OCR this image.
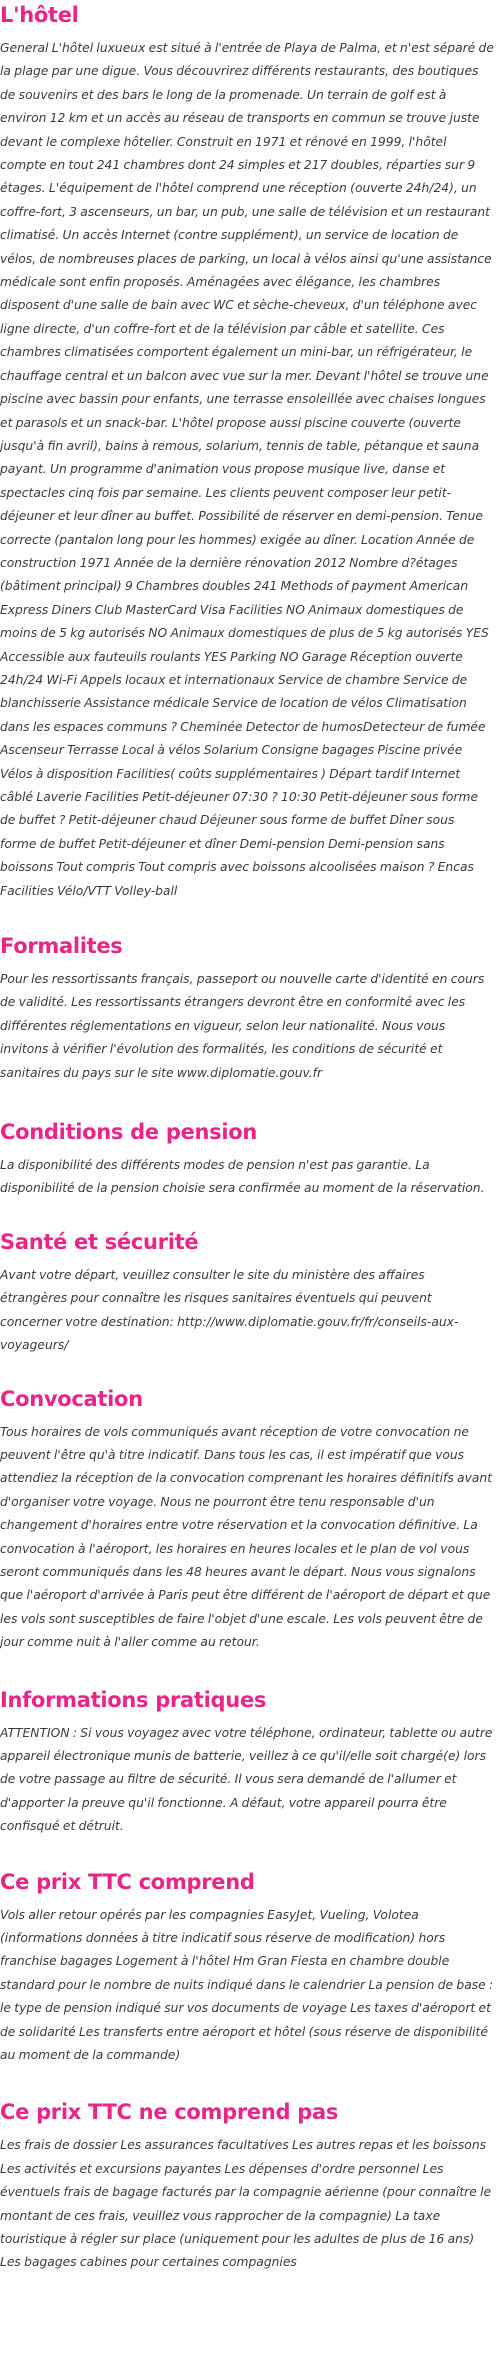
L'hôtel

General L'hôtel luxueux est situé à l'entrée de Playa de Palma, et n'est séparé de la plage par une digue. Vous découvrirez différents restaurants, des boutiques de souvenirs et des bars le long de la promenade. Un terrain de golf est à environ 12 km et un accès au réseau de transports en commun se trouve juste devant le complexe hôtelier. Construit en 1971 et rénové en 1999, l'hôtel compte en tout 241 chambres dont 24 simples et 217 doubles, réparties sur 9 étages. L'équipement de l'hôtel comprend une réception (ouverte 24h/24), un coffre-fort, 3 ascenseurs, un bar, un pub, une salle de télévision et un restaurant climatisé. Un accès Internet (contre supplément), un service de location de vélos, de nombreuses places de parking, un local à vélos ainsi qu'une assistance médicale sont enfin proposés. Aménagées avec élégance, les chambres disposent d'une salle de bain avec WC et sèche-cheveux, d'un téléphone avec ligne directe, d'un coffre-fort et de la télévision par câble et satellite. Ces chambres climatisées comportent également un mini-bar, un réfrigérateur, le chauffage central et un balcon avec vue sur la mer. Devant l'hôtel se trouve une piscine avec bassin pour enfants, une terrasse ensoleillée avec chaises longues et parasols et un snack-bar. L'hôtel propose aussi piscine couverte (ouverte jusqu'à fin avril), bains à remous, solarium, tennis de table, pétanque et sauna payant. Un programme d'animation vous propose musique live, danse et spectacles cinq fois par semaine. Les clients peuvent composer leur petit-déjeuner et leur dîner au buffet. Possibilité de réserver en demi-pension. Tenue correcte (pantalon long pour les hommes) exigée au dîner. Location Année de construction 1971 Année de la dernière rénovation 2012 Nombre d?étages (bâtiment principal) 9 Chambres doubles 241 Methods of payment American Express Diners Club MasterCard Visa Facilities NO Animaux domestiques de moins de 5 kg autorisés NO Animaux domestiques de plus de 5 kg autorisés YES Accessible aux fauteuils roulants YES Parking NO Garage Réception ouverte 24h/24 Wi-Fi Appels locaux et internationaux Service de chambre Service de blanchisserie Assistance médicale Service de location de vélos Climatisation dans les espaces communs ? Cheminée Detector de humosDetecteur de fumée Ascenseur Terrasse Local à vélos Solarium Consigne bagages Piscine privée Vélos à disposition Facilities( coûts supplémentaires ) Départ tardif Internet câblé Laverie Facilities Petit-déjeuner 07:30 ? 10:30 Petit-déjeuner sous forme de buffet ? Petit-déjeuner chaud Déjeuner sous forme de buffet Dîner sous forme de buffet Petit-déjeuner et dîner Demi-pension Demi-pension sans boissons Tout compris Tout compris avec boissons alcoolisées maison ? Encas Facilities Vélo/VTT Volley-ball

Formalites

Pour les ressortissants français, passeport ou nouvelle carte d'identité en cours de validité. Les ressortissants étrangers devront être en conformité avec les différentes réglementations en vigueur, selon leur nationalité. Nous vous invitons à vérifier l'évolution des formalités, les conditions de sécurité et sanitaires du pays sur le site www.diplomatie.gouv.fr

Conditions de pension

La disponibilité des différents modes de pension n'est pas garantie. La disponibilité de la pension choisie sera confirmée au moment de la réservation.

Santé et sécurité

Avant votre départ, veuillez consulter le site du ministère des affaires étrangères pour connaître les risques sanitaires éventuels qui peuvent concerner votre destination: http://www.diplomatie.gouv.fr/fr/conseils-aux-voyageurs/

Convocation

Tous horaires de vols communiqués avant réception de votre convocation ne peuvent l'être qu'à titre indicatif. Dans tous les cas, il est impératif que vous attendiez la réception de la convocation comprenant les horaires définitifs avant d'organiser votre voyage. Nous ne pourront être tenu responsable d'un changement d'horaires entre votre réservation et la convocation définitive. La convocation à l'aéroport, les horaires en heures locales et le plan de vol vous seront communiqués dans les 48 heures avant le départ. Nous vous signalons que l'aéroport d'arrivée à Paris peut être différent de l'aéroport de départ et que les vols sont susceptibles de faire l'objet d'une escale. Les vols peuvent être de jour comme nuit à l'aller comme au retour.

Informations pratiques

ATTENTION : Si vous voyagez avec votre téléphone, ordinateur, tablette ou autre appareil électronique munis de batterie, veillez à ce qu'il/elle soit chargé(e) lors de votre passage au filtre de sécurité. Il vous sera demandé de l'allumer et d'apporter la preuve qu'il fonctionne. A défaut, votre appareil pourra être confisqué et détruit.

Ce prix TTC comprend

Vols aller retour opérés par les compagnies EasyJet, Vueling, Volotea (informations données à titre indicatif sous réserve de modification) hors franchise bagages Logement à l'hôtel Hm Gran Fiesta en chambre double standard pour le nombre de nuits indiqué dans le calendrier La pension de base : le type de pension indiqué sur vos documents de voyage Les taxes d'aéroport et de solidarité Les transferts entre aéroport et hôtel (sous réserve de disponibilité au moment de la commande)

Ce prix TTC ne comprend pas

Les frais de dossier Les assurances facultatives Les autres repas et les boissons Les activités et excursions payantes Les dépenses d'ordre personnel Les éventuels frais de bagage facturés par la compagnie aérienne (pour connaître le montant de ces frais, veuillez vous rapprocher de la compagnie) La taxe touristique à régler sur place (uniquement pour les adultes de plus de 16 ans) Les bagages cabines pour certaines compagnies
